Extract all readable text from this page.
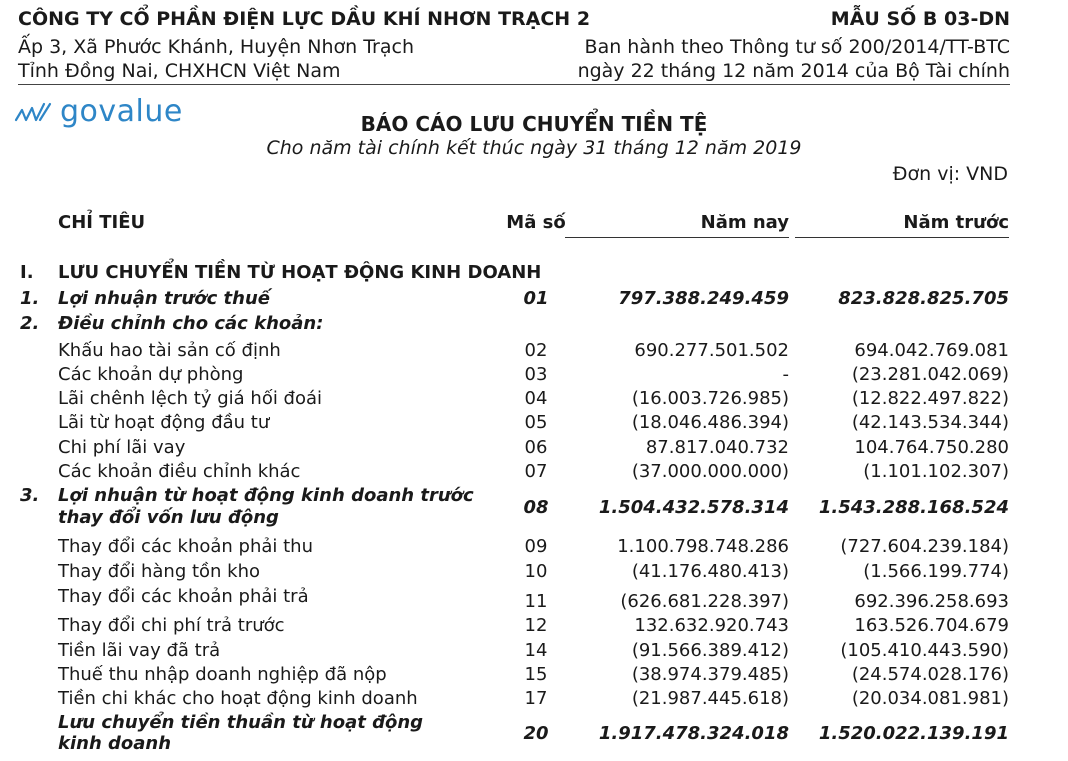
CÔNG TY CỔ PHẦN ĐIỆN LỰC DẦU KHÍ NHƠN TRẠCH 2	MẪU SỐ B 03-DN
Ấp 3, Xã Phước Khánh, Huyện Nhơn Trạch
Tỉnh Đồng Nai, CHXHCN Việt Nam
Ban hành theo Thông tư số 200/2014/TT-BTC
ngày 22 tháng 12 năm 2014 của Bộ Tài chính
govalue	BÁO CÁO LƯU CHUYỂN TIỀN TỆ
Cho năm tài chính kết thúc ngày 31 tháng 12 năm 2019
Đơn vị: VND
CHỈ TIÊU	Mã số	Năm nay	Năm trước
I.	LƯU CHUYỂN TIỀN TỪ HOẠT ĐỘNG KINH DOANH
1.	Lợi nhuận trước thuế	01	797.388.249.459	823.828.825.705
2.	Điều chỉnh cho các khoản:
Khấu hao tài sản cố định	02	690.277.501.502	694.042.769.081
Các khoản dự phòng	03	-	(23.281.042.069)
Lãi chênh lệch tỷ giá hối đoái	04	(16.003.726.985)	(12.822.497.822)
Lãi từ hoạt động đầu tư	05	(18.046.486.394)	(42.143.534.344)
Chi phí lãi vay	06	87.817.040.732	104.764.750.280
Các khoản điều chỉnh khác	07	(37.000.000.000)	(1.101.102.307)
3.	Lợi nhuận từ hoạt động kinh doanh trước
thay đổi vốn lưu động	08	1.504.432.578.314	1.543.288.168.524
Thay đổi các khoản phải thu	09	1.100.798.748.286	(727.604.239.184)
Thay đổi hàng tồn kho	10	(41.176.480.413)	(1.566.199.774)
Thay đổi các khoản phải trả	11	(626.681.228.397)	692.396.258.693
Thay đổi chi phí trả trước	12	132.632.920.743	163.526.704.679
Tiền lãi vay đã trả	14	(91.566.389.412)	(105.410.443.590)
Thuế thu nhập doanh nghiệp đã nộp	15	(38.974.379.485)	(24.574.028.176)
Tiền chi khác cho hoạt động kinh doanh	17	(21.987.445.618)	(20.034.081.981)
Lưu chuyển tiền thuần từ hoạt động
kinh doanh	20	1.917.478.324.018	1.520.022.139.191
